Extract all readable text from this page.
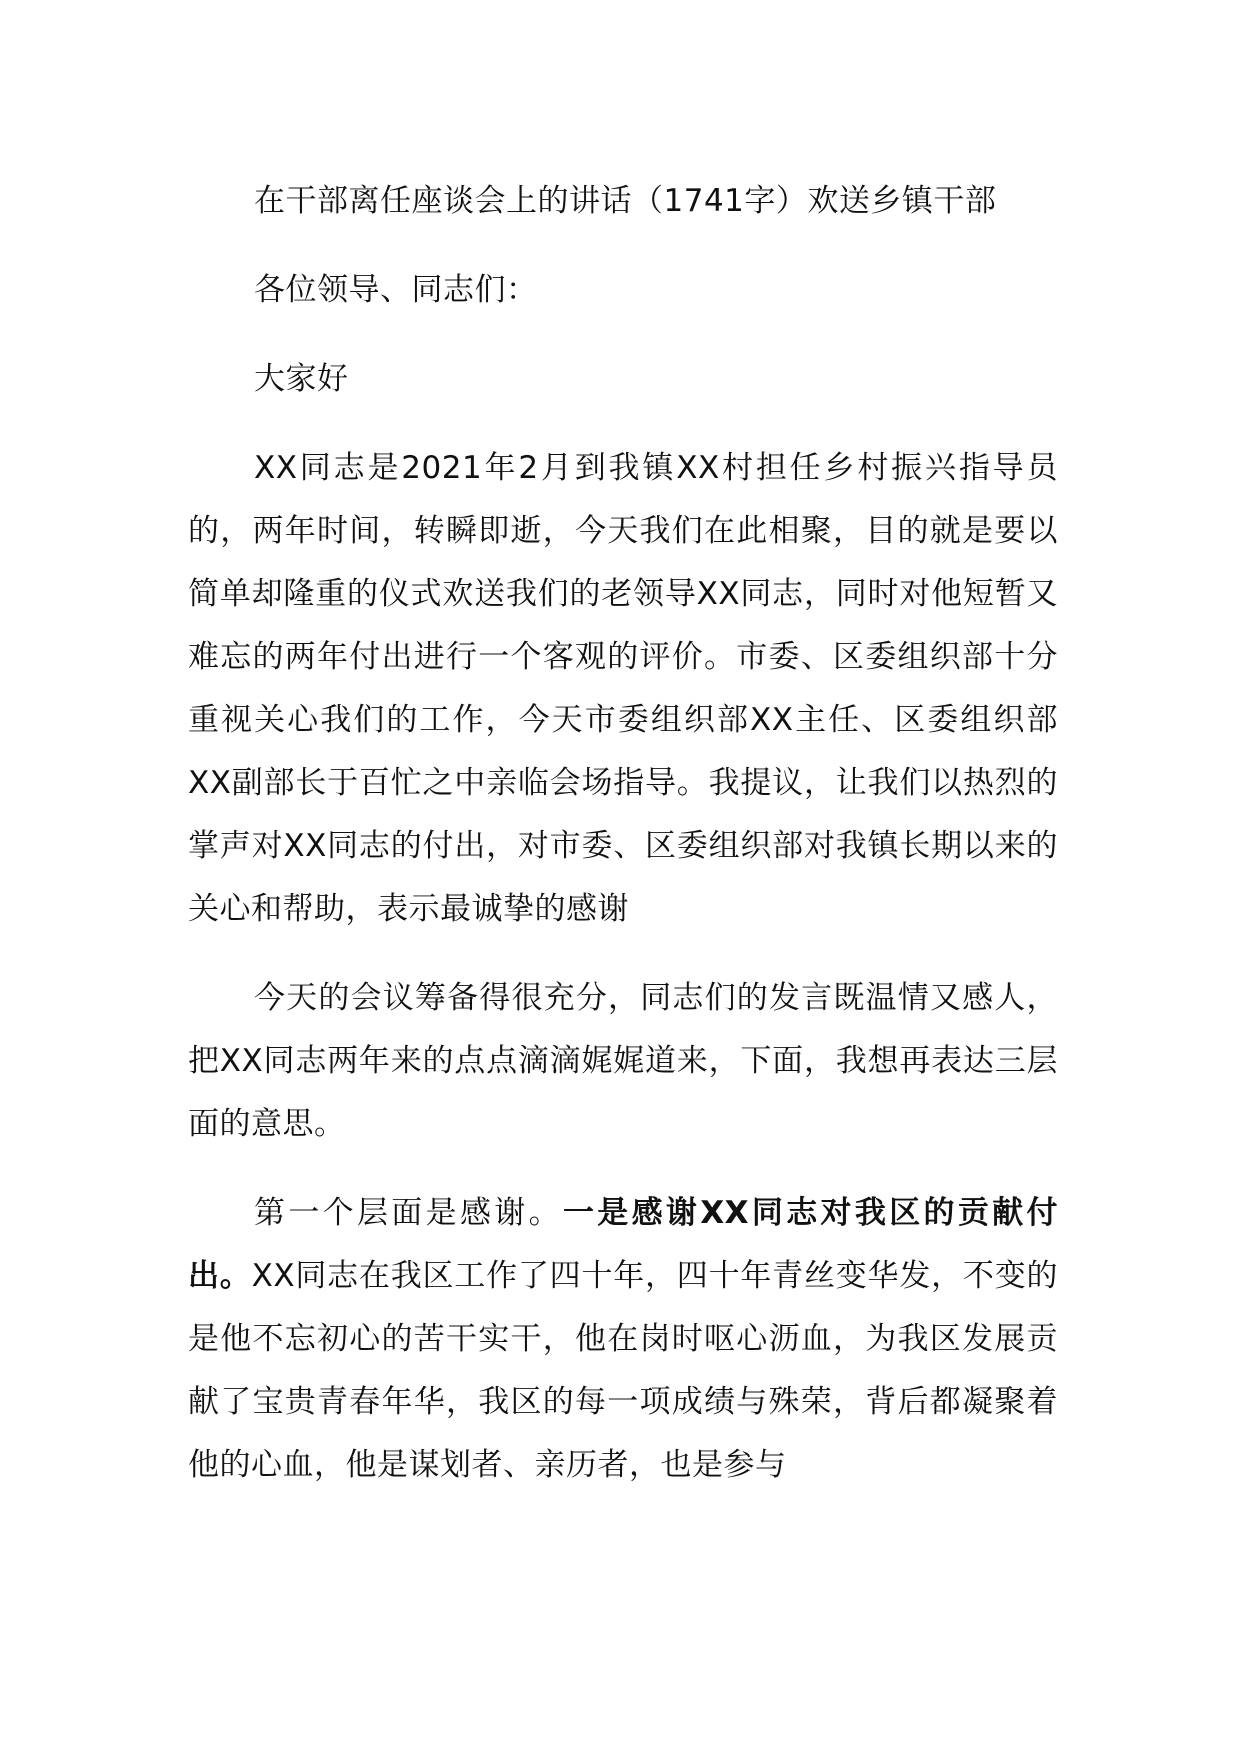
在干部离任座谈会上的讲话（1741字）欢送乡镇干部

各位领导、同志们：

大家好

XX同志是2021年2月到我镇XX村担任乡村振兴指导员的，两年时间，转瞬即逝，今天我们在此相聚，目的就是要以简单却隆重的仪式欢送我们的老领导XX同志，同时对他短暂又难忘的两年付出进行一个客观的评价。市委、区委组织部十分重视关心我们的工作，今天市委组织部XX主任、区委组织部XX副部长于百忙之中亲临会场指导。我提议，让我们以热烈的掌声对XX同志的付出，对市委、区委组织部对我镇长期以来的关心和帮助，表示最诚挚的感谢

今天的会议筹备得很充分，同志们的发言既温情又感人，把XX同志两年来的点点滴滴娓娓道来，下面，我想再表达三层面的意思。

第一个层面是感谢。一是感谢XX同志对我区的贡献付出。XX同志在我区工作了四十年，四十年青丝变华发，不变的是他不忘初心的苦干实干，他在岗时呕心沥血，为我区发展贡献了宝贵青春年华，我区的每一项成绩与殊荣，背后都凝聚着他的心血，他是谋划者、亲历者，也是参与
